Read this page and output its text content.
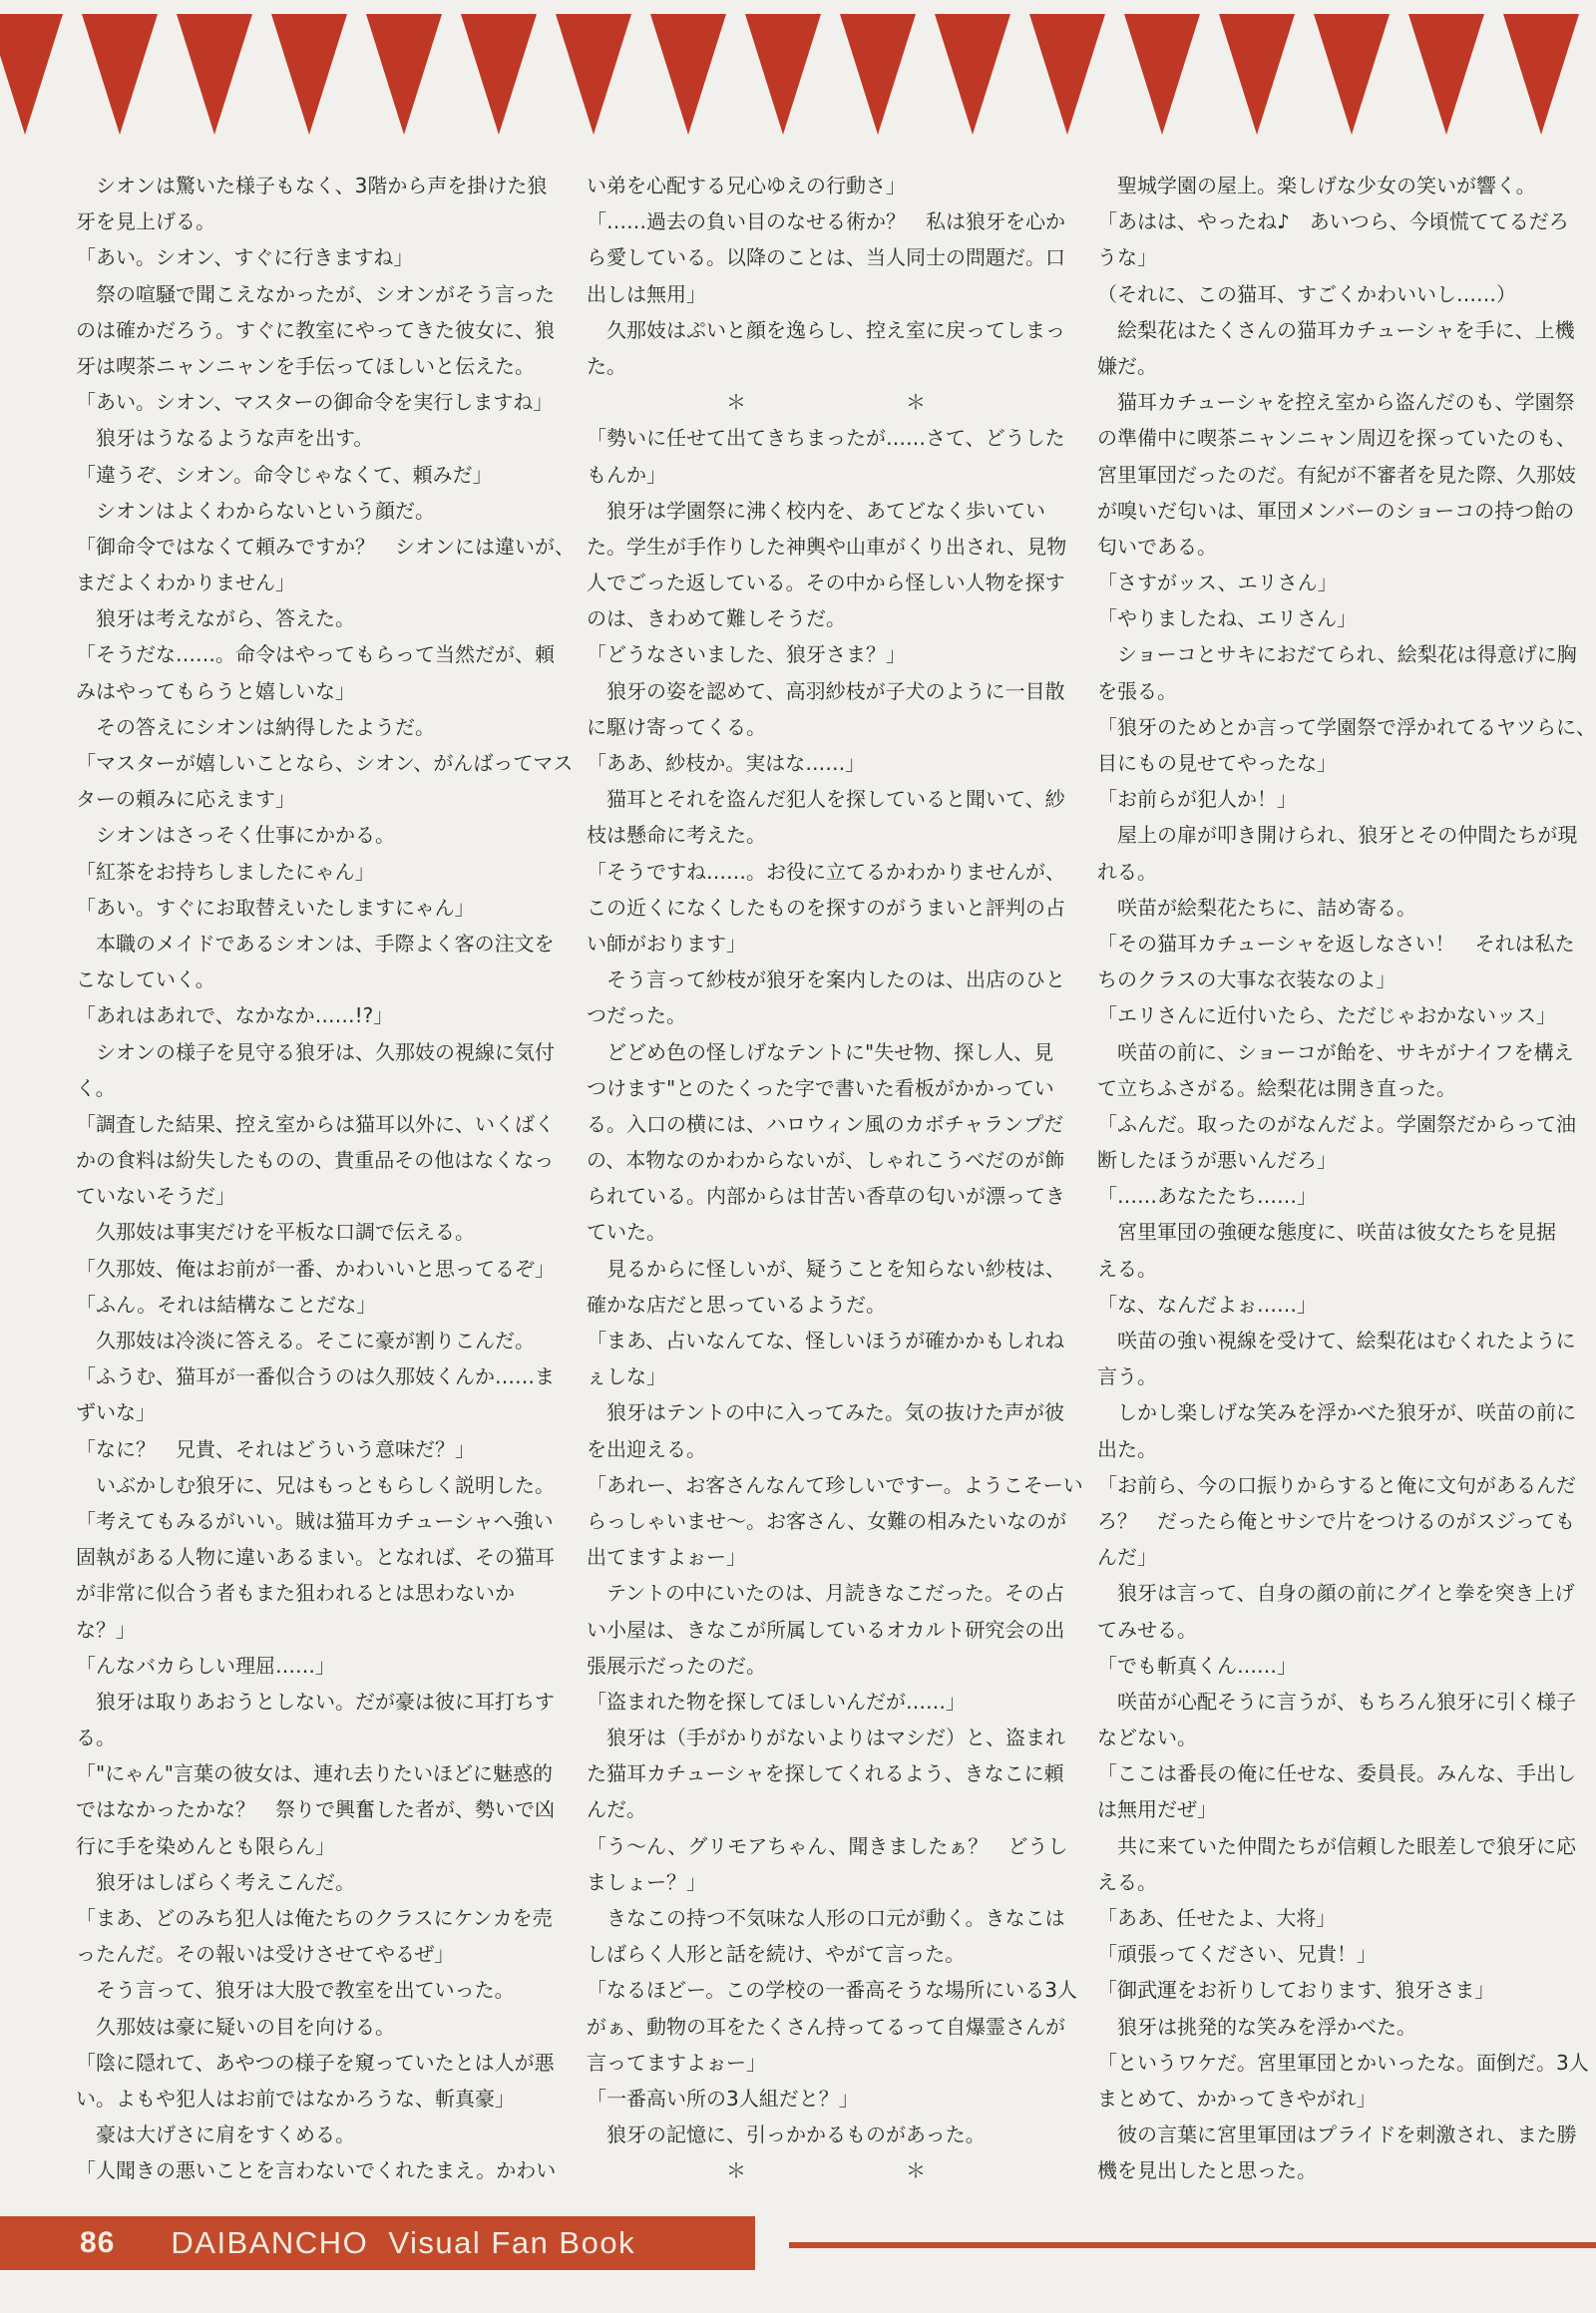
　シオンは驚いた様子もなく、3階から声を掛けた狼
牙を見上げる。
「あい。シオン、すぐに行きますね」
　祭の喧騒で聞こえなかったが、シオンがそう言った
のは確かだろう。すぐに教室にやってきた彼女に、狼
牙は喫茶ニャンニャンを手伝ってほしいと伝えた。
「あい。シオン、マスターの御命令を実行しますね」
　狼牙はうなるような声を出す。
「違うぞ、シオン。命令じゃなくて、頼みだ」
　シオンはよくわからないという顔だ。
「御命令ではなくて頼みですか？　シオンには違いが、
まだよくわかりません」
　狼牙は考えながら、答えた。
「そうだな……。命令はやってもらって当然だが、頼
みはやってもらうと嬉しいな」
　その答えにシオンは納得したようだ。
「マスターが嬉しいことなら、シオン、がんばってマス
ターの頼みに応えます」
　シオンはさっそく仕事にかかる。
「紅茶をお持ちしましたにゃん」
「あい。すぐにお取替えいたしますにゃん」
　本職のメイドであるシオンは、手際よく客の注文を
こなしていく。
「あれはあれで、なかなか……!?」
　シオンの様子を見守る狼牙は、久那妓の視線に気付
く。
「調査した結果、控え室からは猫耳以外に、いくばく
かの食料は紛失したものの、貴重品その他はなくなっ
ていないそうだ」
　久那妓は事実だけを平板な口調で伝える。
「久那妓、俺はお前が一番、かわいいと思ってるぞ」
「ふん。それは結構なことだな」
　久那妓は冷淡に答える。そこに豪が割りこんだ。
「ふうむ、猫耳が一番似合うのは久那妓くんか……ま
ずいな」
「なに？　兄貴、それはどういう意味だ？」
　いぶかしむ狼牙に、兄はもっともらしく説明した。
「考えてもみるがいい。賊は猫耳カチューシャへ強い
固執がある人物に違いあるまい。となれば、その猫耳
が非常に似合う者もまた狙われるとは思わないか
な？」
「んなバカらしい理屈……」
　狼牙は取りあおうとしない。だが豪は彼に耳打ちす
る。
「"にゃん"言葉の彼女は、連れ去りたいほどに魅惑的
ではなかったかな？　祭りで興奮した者が、勢いで凶
行に手を染めんとも限らん」
　狼牙はしばらく考えこんだ。
「まあ、どのみち犯人は俺たちのクラスにケンカを売
ったんだ。その報いは受けさせてやるぜ」
　そう言って、狼牙は大股で教室を出ていった。
　久那妓は豪に疑いの目を向ける。
「陰に隠れて、あやつの様子を窺っていたとは人が悪
い。よもや犯人はお前ではなかろうな、斬真豪」
　豪は大げさに肩をすくめる。
「人聞きの悪いことを言わないでくれたまえ。かわい
い弟を心配する兄心ゆえの行動さ」
「……過去の負い目のなせる術か？　私は狼牙を心か
ら愛している。以降のことは、当人同士の問題だ。口
出しは無用」
　久那妓はぷいと顔を逸らし、控え室に戻ってしまっ
た。
　　　　　　　＊　　　　　　　　＊
「勢いに任せて出てきちまったが……さて、どうした
もんか」
　狼牙は学園祭に沸く校内を、あてどなく歩いてい
た。学生が手作りした神輿や山車がくり出され、見物
人でごった返している。その中から怪しい人物を探す
のは、きわめて難しそうだ。
「どうなさいました、狼牙さま？」
　狼牙の姿を認めて、高羽紗枝が子犬のように一目散
に駆け寄ってくる。
「ああ、紗枝か。実はな……」
　猫耳とそれを盗んだ犯人を探していると聞いて、紗
枝は懸命に考えた。
「そうですね……。お役に立てるかわかりませんが、
この近くになくしたものを探すのがうまいと評判の占
い師がおります」
　そう言って紗枝が狼牙を案内したのは、出店のひと
つだった。
　どどめ色の怪しげなテントに"失せ物、探し人、見
つけます"とのたくった字で書いた看板がかかってい
る。入口の横には、ハロウィン風のカボチャランプだ
の、本物なのかわからないが、しゃれこうべだのが飾
られている。内部からは甘苦い香草の匂いが漂ってき
ていた。
　見るからに怪しいが、疑うことを知らない紗枝は、
確かな店だと思っているようだ。
「まあ、占いなんてな、怪しいほうが確かかもしれね
ぇしな」
　狼牙はテントの中に入ってみた。気の抜けた声が彼
を出迎える。
「あれー、お客さんなんて珍しいですー。ようこそーい
らっしゃいませ～。お客さん、女難の相みたいなのが
出てますよぉー」
　テントの中にいたのは、月読きなこだった。その占
い小屋は、きなこが所属しているオカルト研究会の出
張展示だったのだ。
「盗まれた物を探してほしいんだが……」
　狼牙は（手がかりがないよりはマシだ）と、盗まれ
た猫耳カチューシャを探してくれるよう、きなこに頼
んだ。
「う～ん、グリモアちゃん、聞きましたぁ？　どうし
ましょー？」
　きなこの持つ不気味な人形の口元が動く。きなこは
しばらく人形と話を続け、やがて言った。
「なるほどー。この学校の一番高そうな場所にいる3人
がぁ、動物の耳をたくさん持ってるって自爆霊さんが
言ってますよぉー」
「一番高い所の3人組だと？」
　狼牙の記憶に、引っかかるものがあった。
　　　　　　　＊　　　　　　　　＊
　聖城学園の屋上。楽しげな少女の笑いが響く。
「あはは、やったね♪　あいつら、今頃慌ててるだろ
うな」
（それに、この猫耳、すごくかわいいし……）
　絵梨花はたくさんの猫耳カチューシャを手に、上機
嫌だ。
　猫耳カチューシャを控え室から盗んだのも、学園祭
の準備中に喫茶ニャンニャン周辺を探っていたのも、
宮里軍団だったのだ。有紀が不審者を見た際、久那妓
が嗅いだ匂いは、軍団メンバーのショーコの持つ飴の
匂いである。
「さすがッス、エリさん」
「やりましたね、エリさん」
　ショーコとサキにおだてられ、絵梨花は得意げに胸
を張る。
「狼牙のためとか言って学園祭で浮かれてるヤツらに、
目にもの見せてやったな」
「お前らが犯人か！」
　屋上の扉が叩き開けられ、狼牙とその仲間たちが現
れる。
　咲苗が絵梨花たちに、詰め寄る。
「その猫耳カチューシャを返しなさい！　それは私た
ちのクラスの大事な衣装なのよ」
「エリさんに近付いたら、ただじゃおかないッス」
　咲苗の前に、ショーコが飴を、サキがナイフを構え
て立ちふさがる。絵梨花は開き直った。
「ふんだ。取ったのがなんだよ。学園祭だからって油
断したほうが悪いんだろ」
「……あなたたち……」
　宮里軍団の強硬な態度に、咲苗は彼女たちを見据
える。
「な、なんだよぉ……」
　咲苗の強い視線を受けて、絵梨花はむくれたように
言う。
　しかし楽しげな笑みを浮かべた狼牙が、咲苗の前に
出た。
「お前ら、今の口振りからすると俺に文句があるんだ
ろ？　だったら俺とサシで片をつけるのがスジっても
んだ」
　狼牙は言って、自身の顔の前にグイと拳を突き上げ
てみせる。
「でも斬真くん……」
　咲苗が心配そうに言うが、もちろん狼牙に引く様子
などない。
「ここは番長の俺に任せな、委員長。みんな、手出し
は無用だぜ」
　共に来ていた仲間たちが信頼した眼差しで狼牙に応
える。
「ああ、任せたよ、大将」
「頑張ってください、兄貴！」
「御武運をお祈りしております、狼牙さま」
　狼牙は挑発的な笑みを浮かべた。
「というワケだ。宮里軍団とかいったな。面倒だ。3人
まとめて、かかってきやがれ」
　彼の言葉に宮里軍団はプライドを刺激され、また勝
機を見出したと思った。
86 DAIBANCHO  Visual Fan Book
